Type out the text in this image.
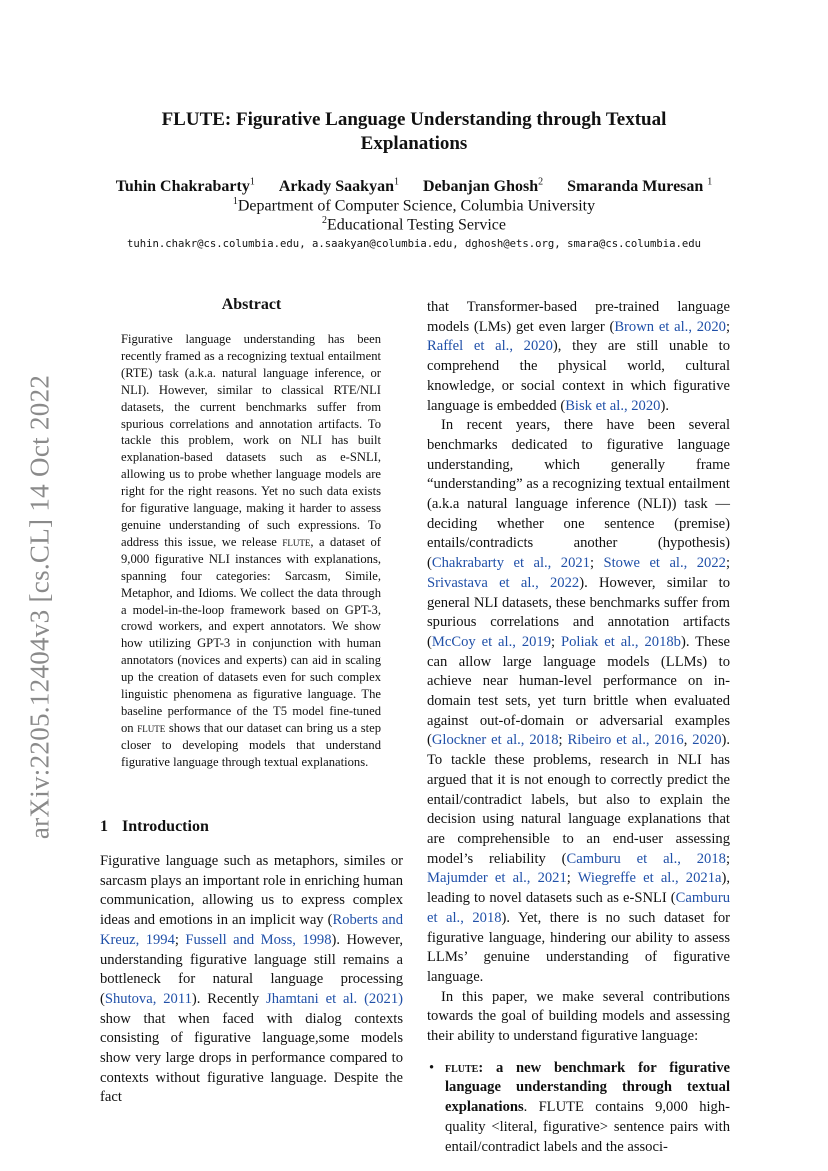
arXiv:2205.12404v3 [cs.CL] 14 Oct 2022
FLUTE: Figurative Language Understanding through Textual
Explanations
Tuhin Chakrabarty$^1$ Arkady Saakyan$^1$ Debanjan Ghosh$^2$ Smaranda Muresan $^1$
$^1$Department of Computer Science, Columbia University
$^2$Educational Testing Service
tuhin.chakr@cs.columbia.edu, a.saakyan@columbia.edu, dghosh@ets.org, smara@cs.columbia.edu
Abstract
Figurative language understanding has been recently framed as a recognizing textual entailment (RTE) task (a.k.a. natural language inference, or NLI). However, similar to classical RTE/NLI datasets, the current benchmarks suffer from spurious correlations and annotation artifacts. To tackle this problem, work on NLI has built explanation-based datasets such as e-SNLI, allowing us to probe whether language models are right for the right reasons. Yet no such data exists for figurative language, making it harder to assess genuine understanding of such expressions. To address this issue, we release flute, a dataset of 9,000 figurative NLI instances with explanations, spanning four categories: Sarcasm, Simile, Metaphor, and Idioms. We collect the data through a model-in-the-loop framework based on GPT-3, crowd workers, and expert annotators. We show how utilizing GPT-3 in conjunction with human annotators (novices and experts) can aid in scaling up the creation of datasets even for such complex linguistic phenomena as figurative language. The baseline performance of the T5 model fine-tuned on flute shows that our dataset can bring us a step closer to developing models that understand figurative language through textual explanations.
1 Introduction

Figurative language such as metaphors, similes or sarcasm plays an important role in enriching human communication, allowing us to express complex ideas and emotions in an implicit way (Roberts and Kreuz, 1994; Fussell and Moss, 1998). However, understanding figurative language still remains a bottleneck for natural language processing (Shutova, 2011). Recently Jhamtani et al. (2021) show that when faced with dialog contexts consisting of figurative language,some models show very large drops in performance compared to contexts without figurative language. Despite the fact

that Transformer-based pre-trained language models (LMs) get even larger (Brown et al., 2020; Raffel et al., 2020), they are still unable to comprehend the physical world, cultural knowledge, or social context in which figurative language is embedded (Bisk et al., 2020).

In recent years, there have been several benchmarks dedicated to figurative language understanding, which generally frame “understanding” as a recognizing textual entailment (a.k.a natural language inference (NLI)) task — deciding whether one sentence (premise) entails/contradicts another (hypothesis) (Chakrabarty et al., 2021; Stowe et al., 2022; Srivastava et al., 2022). However, similar to general NLI datasets, these benchmarks suffer from spurious correlations and annotation artifacts (McCoy et al., 2019; Poliak et al., 2018b). These can allow large language models (LLMs) to achieve near human-level performance on in-domain test sets, yet turn brittle when evaluated against out-of-domain or adversarial examples (Glockner et al., 2018; Ribeiro et al., 2016, 2020). To tackle these problems, research in NLI has argued that it is not enough to correctly predict the entail/contradict labels, but also to explain the decision using natural language explanations that are comprehensible to an end-user assessing model’s reliability (Camburu et al., 2018; Majumder et al., 2021; Wiegreffe et al., 2021a), leading to novel datasets such as e-SNLI (Camburu et al., 2018). Yet, there is no such dataset for figurative language, hindering our ability to assess LLMs’ genuine understanding of figurative language.

In this paper, we make several contributions towards the goal of building models and assessing their ability to understand figurative language:

• flute: a new benchmark for figurative language understanding through textual explanations. FLUTE contains 9,000 high-quality <literal, figurative> sentence pairs with entail/contradict labels and the associ-
